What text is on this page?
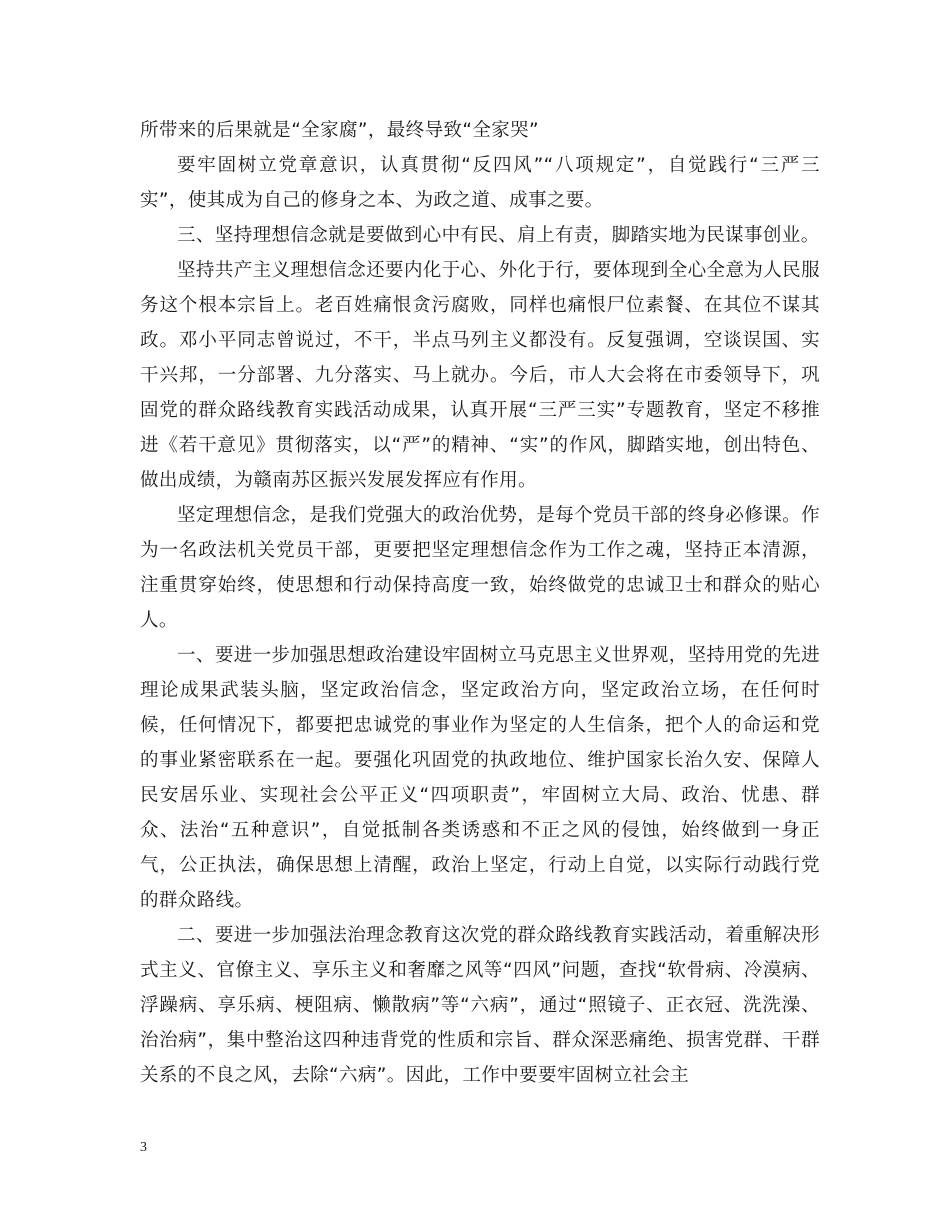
所带来的后果就是“全家腐”，最终导致“全家哭”

要牢固树立党章意识，认真贯彻“反四风”“八项规定”，自觉践行“三严三实”，使其成为自己的修身之本、为政之道、成事之要。

三、坚持理想信念就是要做到心中有民、肩上有责，脚踏实地为民谋事创业。

坚持共产主义理想信念还要内化于心、外化于行，要体现到全心全意为人民服务这个根本宗旨上。老百姓痛恨贪污腐败，同样也痛恨尸位素餐、在其位不谋其政。邓小平同志曾说过，不干，半点马列主义都没有。反复强调，空谈误国、实干兴邦，一分部署、九分落实、马上就办。今后，市人大会将在市委领导下，巩固党的群众路线教育实践活动成果，认真开展“三严三实”专题教育，坚定不移推进《若干意见》贯彻落实，以“严”的精神、“实”的作风，脚踏实地，创出特色、做出成绩，为赣南苏区振兴发展发挥应有作用。

坚定理想信念，是我们党强大的政治优势，是每个党员干部的终身必修课。作为一名政法机关党员干部，更要把坚定理想信念作为工作之魂，坚持正本清源，注重贯穿始终，使思想和行动保持高度一致，始终做党的忠诚卫士和群众的贴心人。

一、要进一步加强思想政治建设牢固树立马克思主义世界观，坚持用党的先进理论成果武装头脑，坚定政治信念，坚定政治方向，坚定政治立场，在任何时候，任何情况下，都要把忠诚党的事业作为坚定的人生信条，把个人的命运和党的事业紧密联系在一起。要强化巩固党的执政地位、维护国家长治久安、保障人民安居乐业、实现社会公平正义“四项职责”，牢固树立大局、政治、忧患、群众、法治“五种意识”，自觉抵制各类诱惑和不正之风的侵蚀，始终做到一身正气，公正执法，确保思想上清醒，政治上坚定，行动上自觉，以实际行动践行党的群众路线。

二、要进一步加强法治理念教育这次党的群众路线教育实践活动，着重解决形式主义、官僚主义、享乐主义和奢靡之风等“四风”问题，查找“软骨病、冷漠病、浮躁病、享乐病、梗阻病、懒散病”等“六病”，通过“照镜子、正衣冠、洗洗澡、治治病”，集中整治这四种违背党的性质和宗旨、群众深恶痛绝、损害党群、干群关系的不良之风，去除“六病”。因此，工作中要要牢固树立社会主

3
